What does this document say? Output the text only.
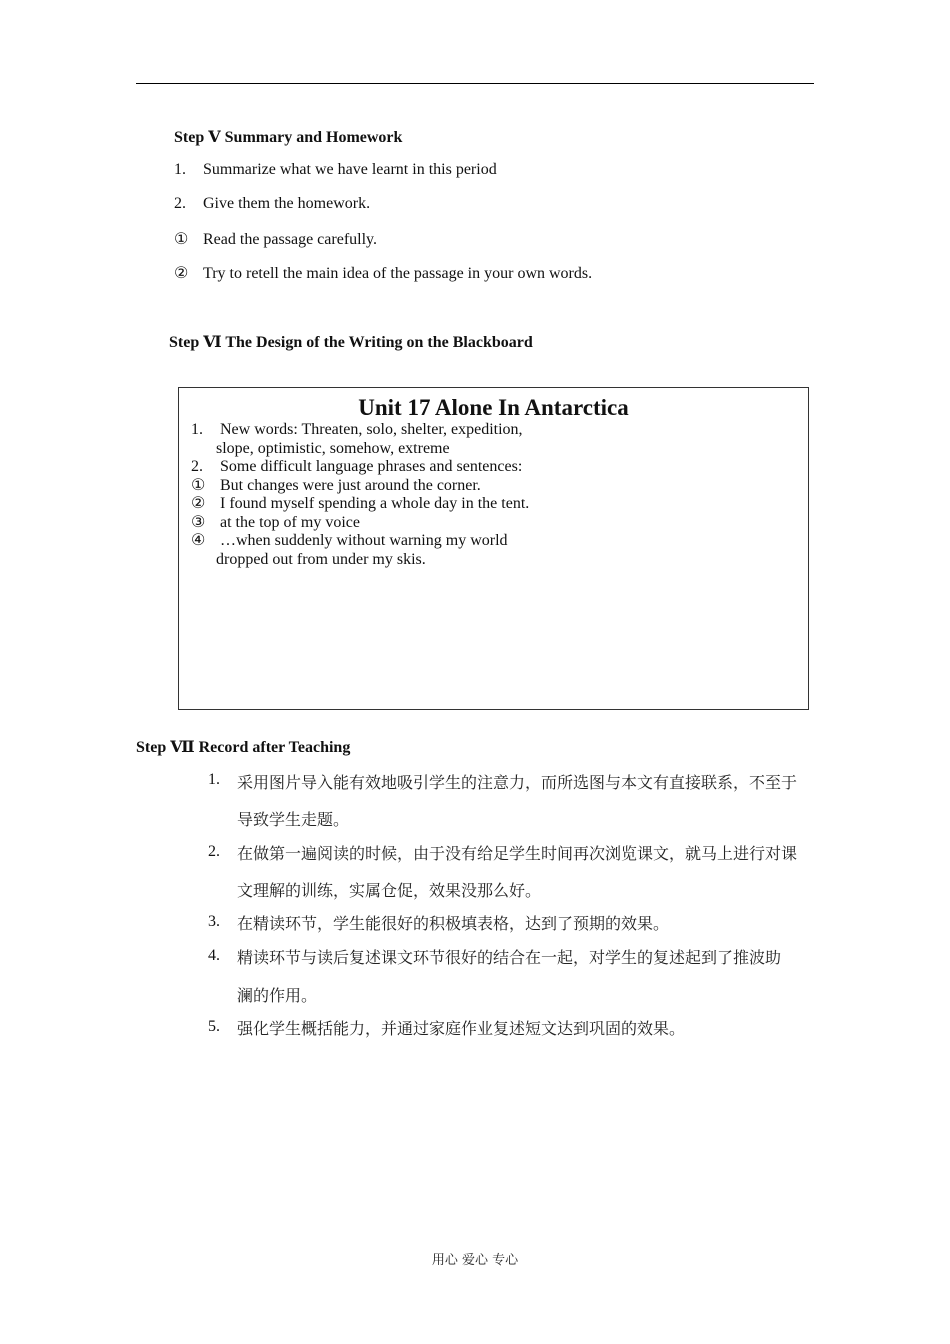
Step Ⅴ Summary and Homework
1. Summarize what we have learnt in this period
2. Give them the homework.
① Read the passage carefully.
② Try to retell the main idea of the passage in your own words.
Step Ⅵ The Design of the Writing on the Blackboard
Unit 17 Alone In Antarctica
1. New words: Threaten, solo, shelter, expedition,
slope, optimistic, somehow, extreme
2. Some difficult language phrases and sentences:
① But changes were just around the corner.
② I found myself spending a whole day in the tent.
③ at the top of my voice
④ …when suddenly without warning my world
dropped out from under my skis.
Step Ⅶ Record after Teaching
1. 采用图片导入能有效地吸引学生的注意力，而所选图与本文有直接联系，不至于
导致学生走题。
2. 在做第一遍阅读的时候，由于没有给足学生时间再次浏览课文，就马上进行对课
文理解的训练，实属仓促，效果没那么好。
3. 在精读环节，学生能很好的积极填表格，达到了预期的效果。
4. 精读环节与读后复述课文环节很好的结合在一起，对学生的复述起到了推波助
澜的作用。
5. 强化学生概括能力，并通过家庭作业复述短文达到巩固的效果。
用心 爱心 专心
